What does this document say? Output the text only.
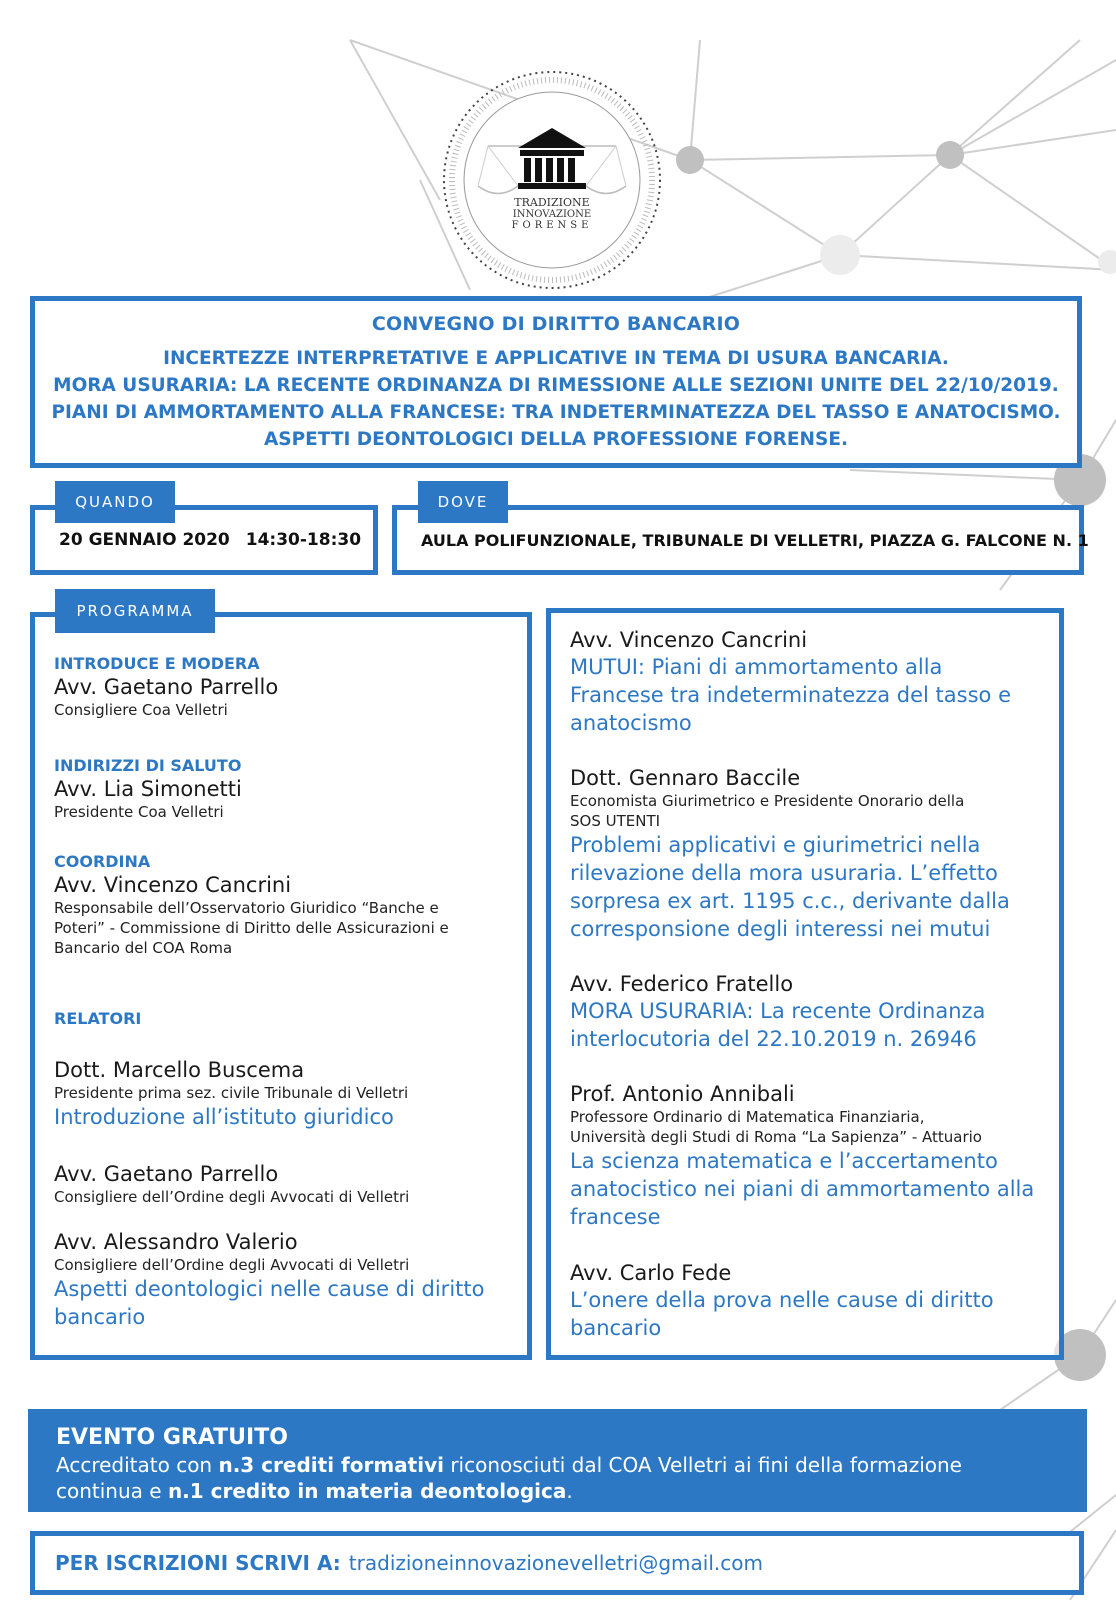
TRADIZIONE
INNOVAZIONE
FORENSE
CONVEGNO DI DIRITTO BANCARIO
INCERTEZZE INTERPRETATIVE E APPLICATIVE IN TEMA DI USURA BANCARIA.
MORA USURARIA: LA RECENTE ORDINANZA DI RIMESSIONE ALLE SEZIONI UNITE DEL 22/10/2019.
PIANI DI AMMORTAMENTO ALLA FRANCESE: TRA INDETERMINATEZZA DEL TASSO E ANATOCISMO.
ASPETTI DEONTOLOGICI DELLA PROFESSIONE FORENSE.
20 GENNAIO 2020 14:30-18:30
QUANDO
AULA POLIFUNZIONALE, TRIBUNALE DI VELLETRI, PIAZZA G. FALCONE N. 1
DOVE
PROGRAMMA
INTRODUCE E MODERA
Avv. Gaetano Parrello
Consigliere Coa Velletri
INDIRIZZI DI SALUTO
Avv. Lia Simonetti
Presidente Coa Velletri
COORDINA
Avv. Vincenzo Cancrini
Responsabile dell’Osservatorio Giuridico “Banche e
Poteri” - Commissione di Diritto delle Assicurazioni e
Bancario del COA Roma
RELATORI
Dott. Marcello Buscema
Presidente prima sez. civile Tribunale di Velletri
Introduzione all’istituto giuridico
Avv. Gaetano Parrello
Consigliere dell’Ordine degli Avvocati di Velletri
Avv. Alessandro Valerio
Consigliere dell’Ordine degli Avvocati di Velletri
Aspetti deontologici nelle cause di diritto
bancario
Avv. Vincenzo Cancrini
MUTUI: Piani di ammortamento alla
Francese tra indeterminatezza del tasso e
anatocismo
Dott. Gennaro Baccile
Economista Giurimetrico e Presidente Onorario della
SOS UTENTI
Problemi applicativi e giurimetrici nella
rilevazione della mora usuraria. L’effetto
sorpresa ex art. 1195 c.c., derivante dalla
corresponsione degli interessi nei mutui
Avv. Federico Fratello
MORA USURARIA: La recente Ordinanza
interlocutoria del 22.10.2019 n. 26946
Prof. Antonio Annibali
Professore Ordinario di Matematica Finanziaria,
Università degli Studi di Roma “La Sapienza” - Attuario
La scienza matematica e l’accertamento
anatocistico nei piani di ammortamento alla
francese
Avv. Carlo Fede
L’onere della prova nelle cause di diritto
bancario
EVENTO GRATUITO
Accreditato con n.3 crediti formativi riconosciuti dal COA Velletri ai fini della formazione continua e n.1 credito in materia deontologica.
PER ISCRIZIONI SCRIVI A: tradizioneinnovazionevelletri@gmail.com
